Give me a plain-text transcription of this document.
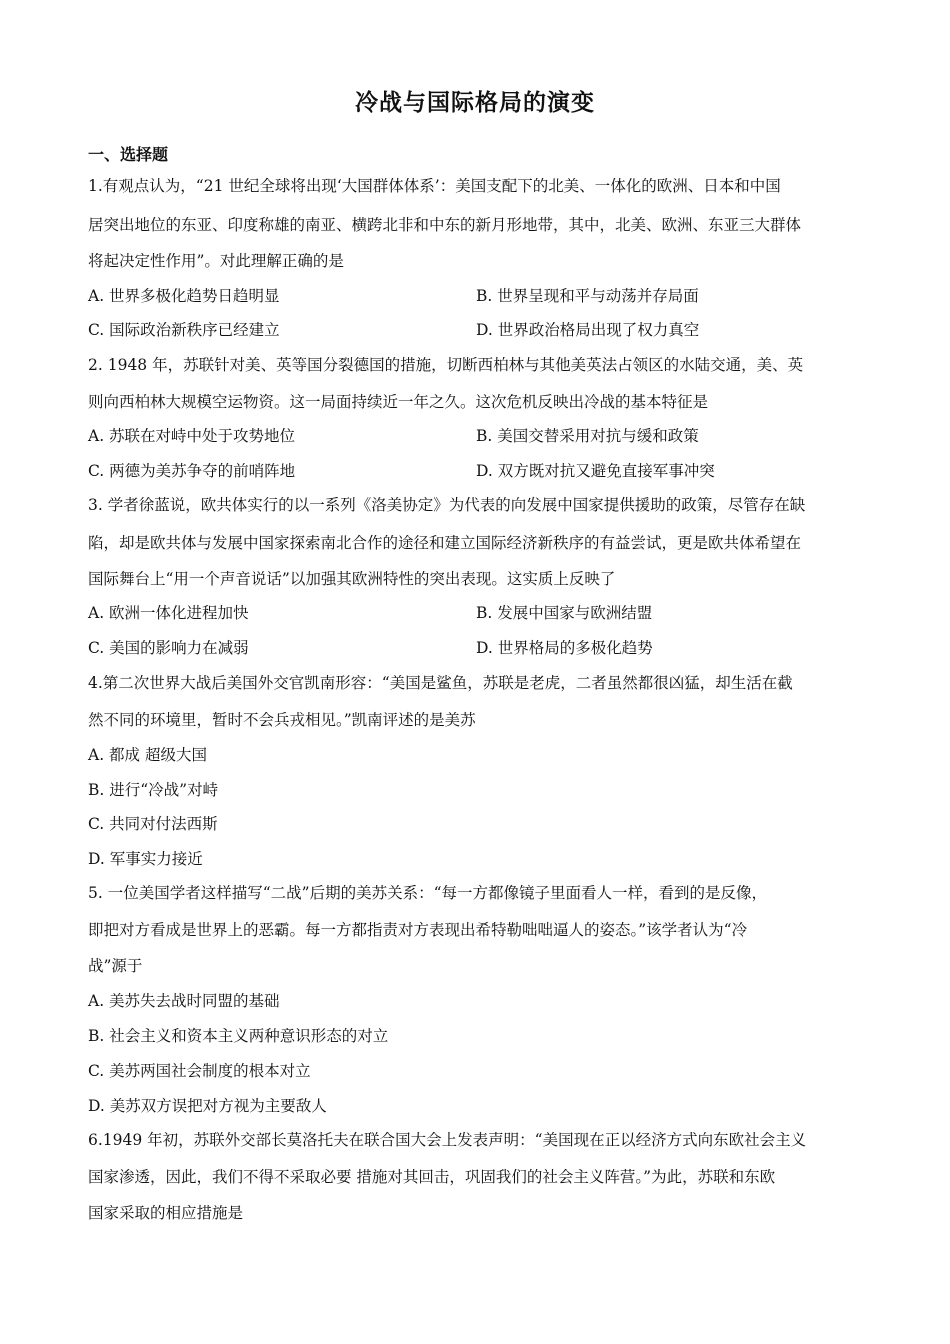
冷战与国际格局的演变
一、选择题
1.有观点认为，“21 世纪全球将出现‘大国群体体系’：美国支配下的北美、一体化的欧洲、日本和中国
居突出地位的东亚、印度称雄的南亚、横跨北非和中东的新月形地带，其中，北美、欧洲、东亚三大群体
将起决定性作用”。对此理解正确的是
A. 世界多极化趋势日趋明显	B. 世界呈现和平与动荡并存局面
C. 国际政治新秩序已经建立	D. 世界政治格局出现了权力真空
2. 1948 年，苏联针对美、英等国分裂德国的措施，切断西柏林与其他美英法占领区的水陆交通，美、英
则向西柏林大规模空运物资。这一局面持续近一年之久。这次危机反映出冷战的基本特征是
A. 苏联在对峙中处于攻势地位	B. 美国交替采用对抗与缓和政策
C. 两德为美苏争夺的前哨阵地	D. 双方既对抗又避免直接军事冲突
3. 学者徐蓝说，欧共体实行的以一系列《洛美协定》为代表的向发展中国家提供援助的政策，尽管存在缺
陷，却是欧共体与发展中国家探索南北合作的途径和建立国际经济新秩序的有益尝试，更是欧共体希望在
国际舞台上“用一个声音说话”以加强其欧洲特性的突出表现。这实质上反映了
A. 欧洲一体化进程加快	B. 发展中国家与欧洲结盟
C. 美国的影响力在减弱	D. 世界格局的多极化趋势
4.第二次世界大战后美国外交官凯南形容：“美国是鲨鱼，苏联是老虎，二者虽然都很凶猛，却生活在截
然不同的环境里，暂时不会兵戎相见。”凯南评述的是美苏
A. 都成 超级大国
B. 进行“冷战”对峙
C. 共同对付法西斯
D. 军事实力接近
5. 一位美国学者这样描写“二战”后期的美苏关系：“每一方都像镜子里面看人一样，看到的是反像，
即把对方看成是世界上的恶霸。每一方都指责对方表现出希特勒咄咄逼人的姿态。”该学者认为“冷
战”源于
A. 美苏失去战时同盟的基础
B. 社会主义和资本主义两种意识形态的对立
C. 美苏两国社会制度的根本对立
D. 美苏双方误把对方视为主要敌人
6.1949 年初，苏联外交部长莫洛托夫在联合国大会上发表声明：“美国现在正以经济方式向东欧社会主义
国家渗透，因此，我们不得不采取必要 措施对其回击，巩固我们的社会主义阵营。”为此，苏联和东欧
国家采取的相应措施是
